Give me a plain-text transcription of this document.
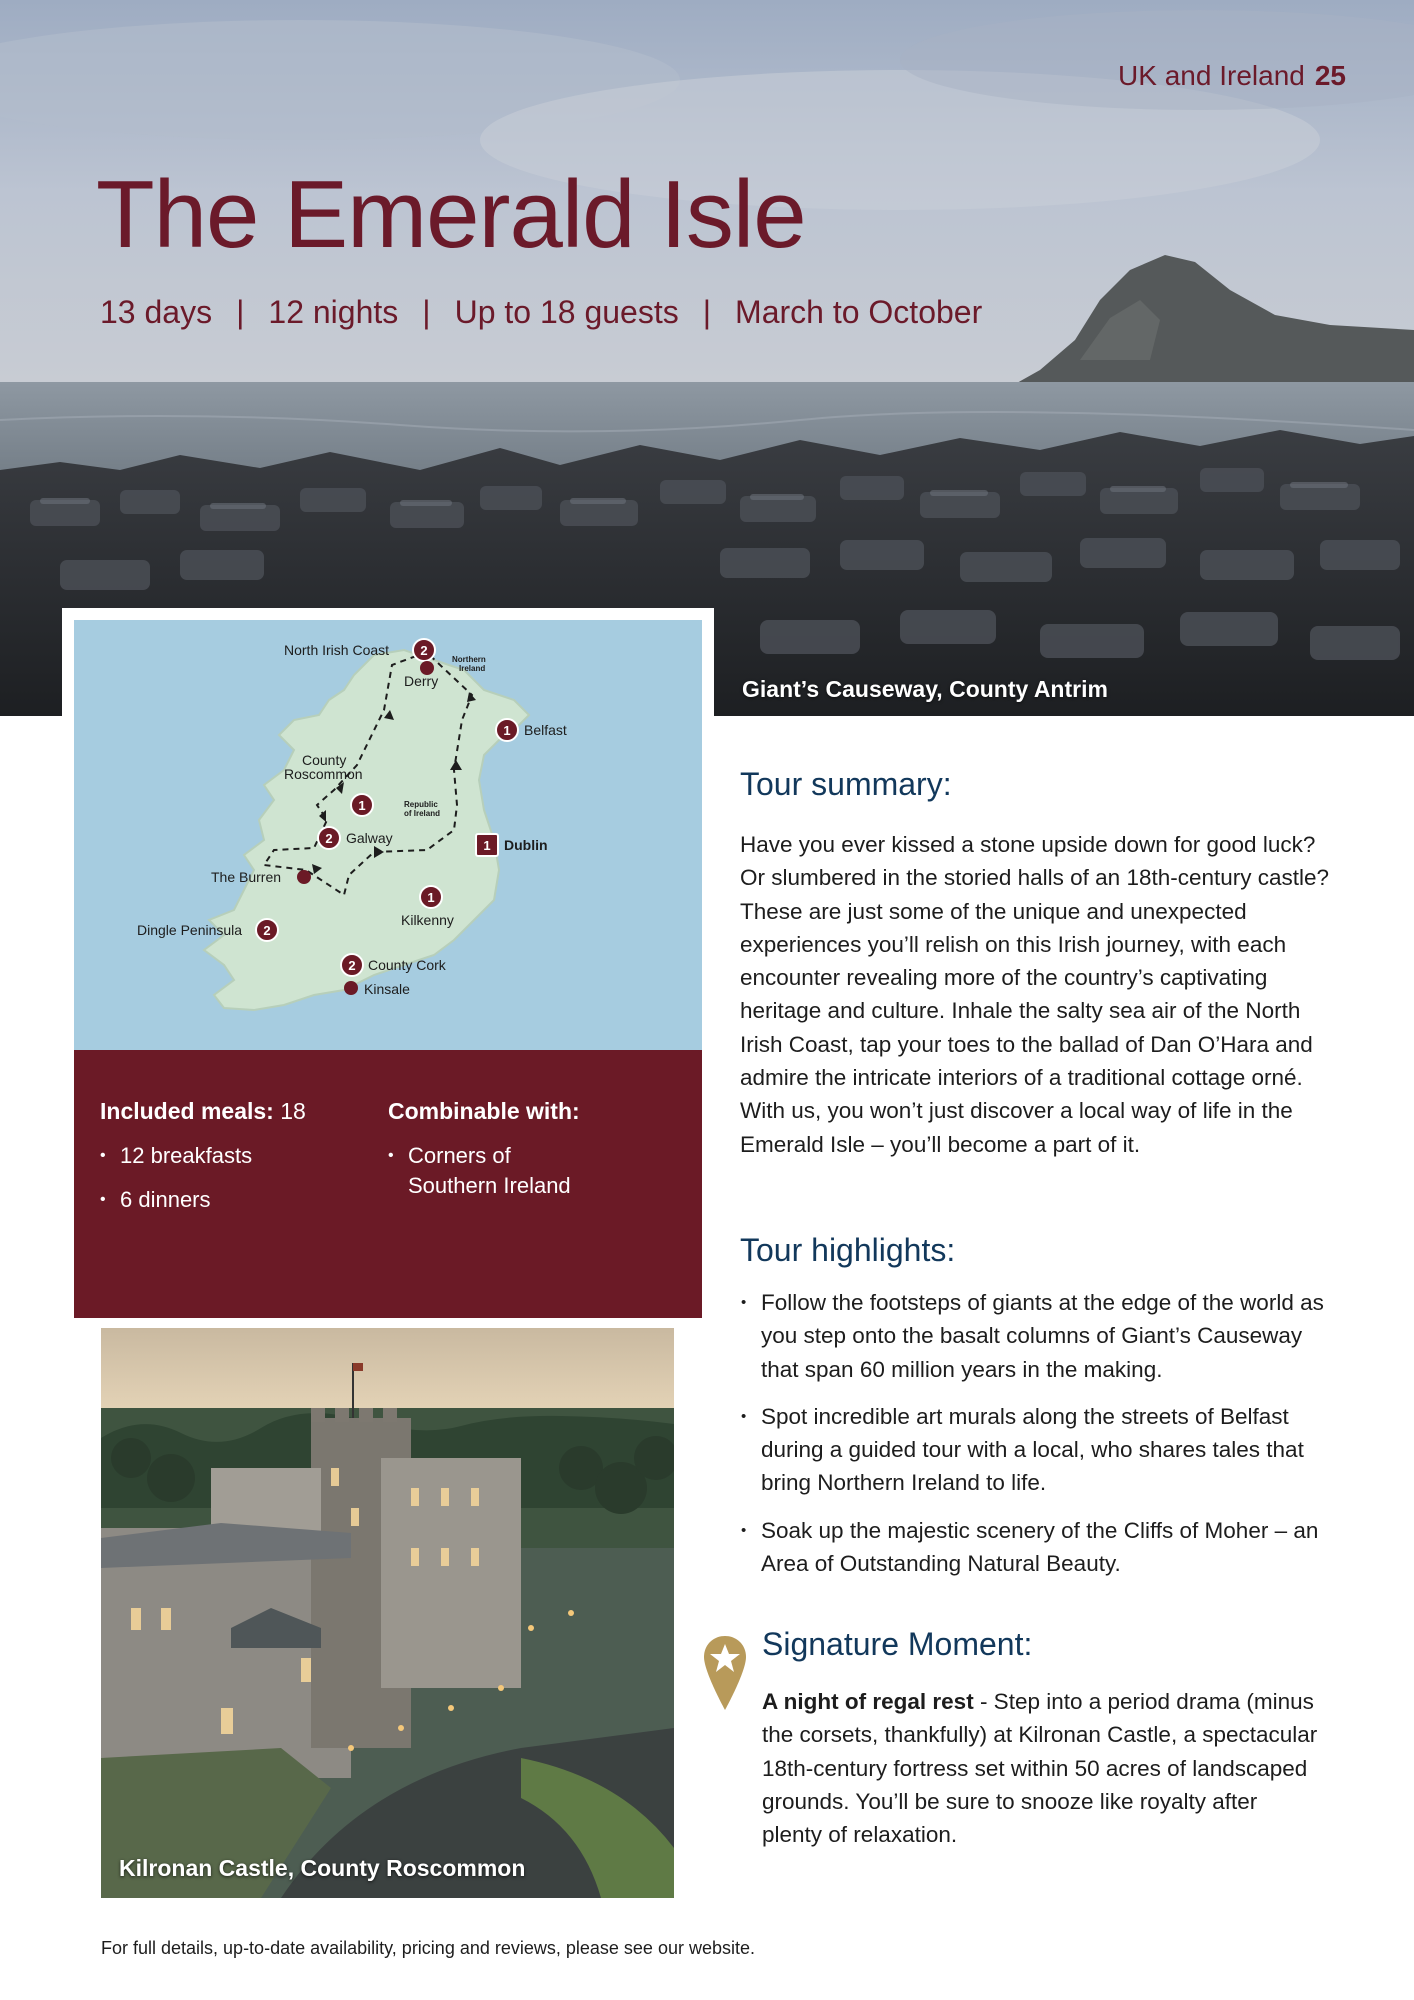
UK and Ireland 25
The Emerald Isle
13 days | 12 nights | Up to 18 guests | March to October
Giant’s Causeway, County Antrim
2
1
1
2	1
1
2
2
North Irish Coast
Derry
Northern
Ireland
Belfast
County
Roscommon
Republic
of Ireland
Galway
The Burren
Dublin
Kilkenny
Dingle Peninsula
County Cork
Kinsale
Included meals: 18
• 12 breakfasts
• 6 dinners
Combinable with:
• Corners of
Southern Ireland
Kilronan Castle, County Roscommon
Tour summary:

Have you ever kissed a stone upside down for good luck? Or slumbered in the storied halls of an 18th-century castle? These are just some of the unique and unexpected experiences you’ll relish on this Irish journey, with each encounter revealing more of the country’s captivating heritage and culture. Inhale the salty sea air of the North Irish Coast, tap your toes to the ballad of Dan O’Hara and admire the intricate interiors of a traditional cottage orné. With us, you won’t just discover a local way of life in the Emerald Isle – you’ll become a part of it.

Tour highlights:
• Follow the footsteps of giants at the edge of the world as you step onto the basalt columns of Giant’s Causeway that span 60 million years in the making.
• Spot incredible art murals along the streets of Belfast during a guided tour with a local, who shares tales that bring Northern Ireland to life.
• Soak up the majestic scenery of the Cliffs of Moher – an Area of Outstanding Natural Beauty.
Signature Moment:

A night of regal rest - Step into a period drama (minus the corsets, thankfully) at Kilronan Castle, a spectacular 18th-century fortress set within 50 acres of landscaped grounds. You’ll be sure to snooze like royalty after plenty of relaxation.

For full details, up-to-date availability, pricing and reviews, please see our website.
